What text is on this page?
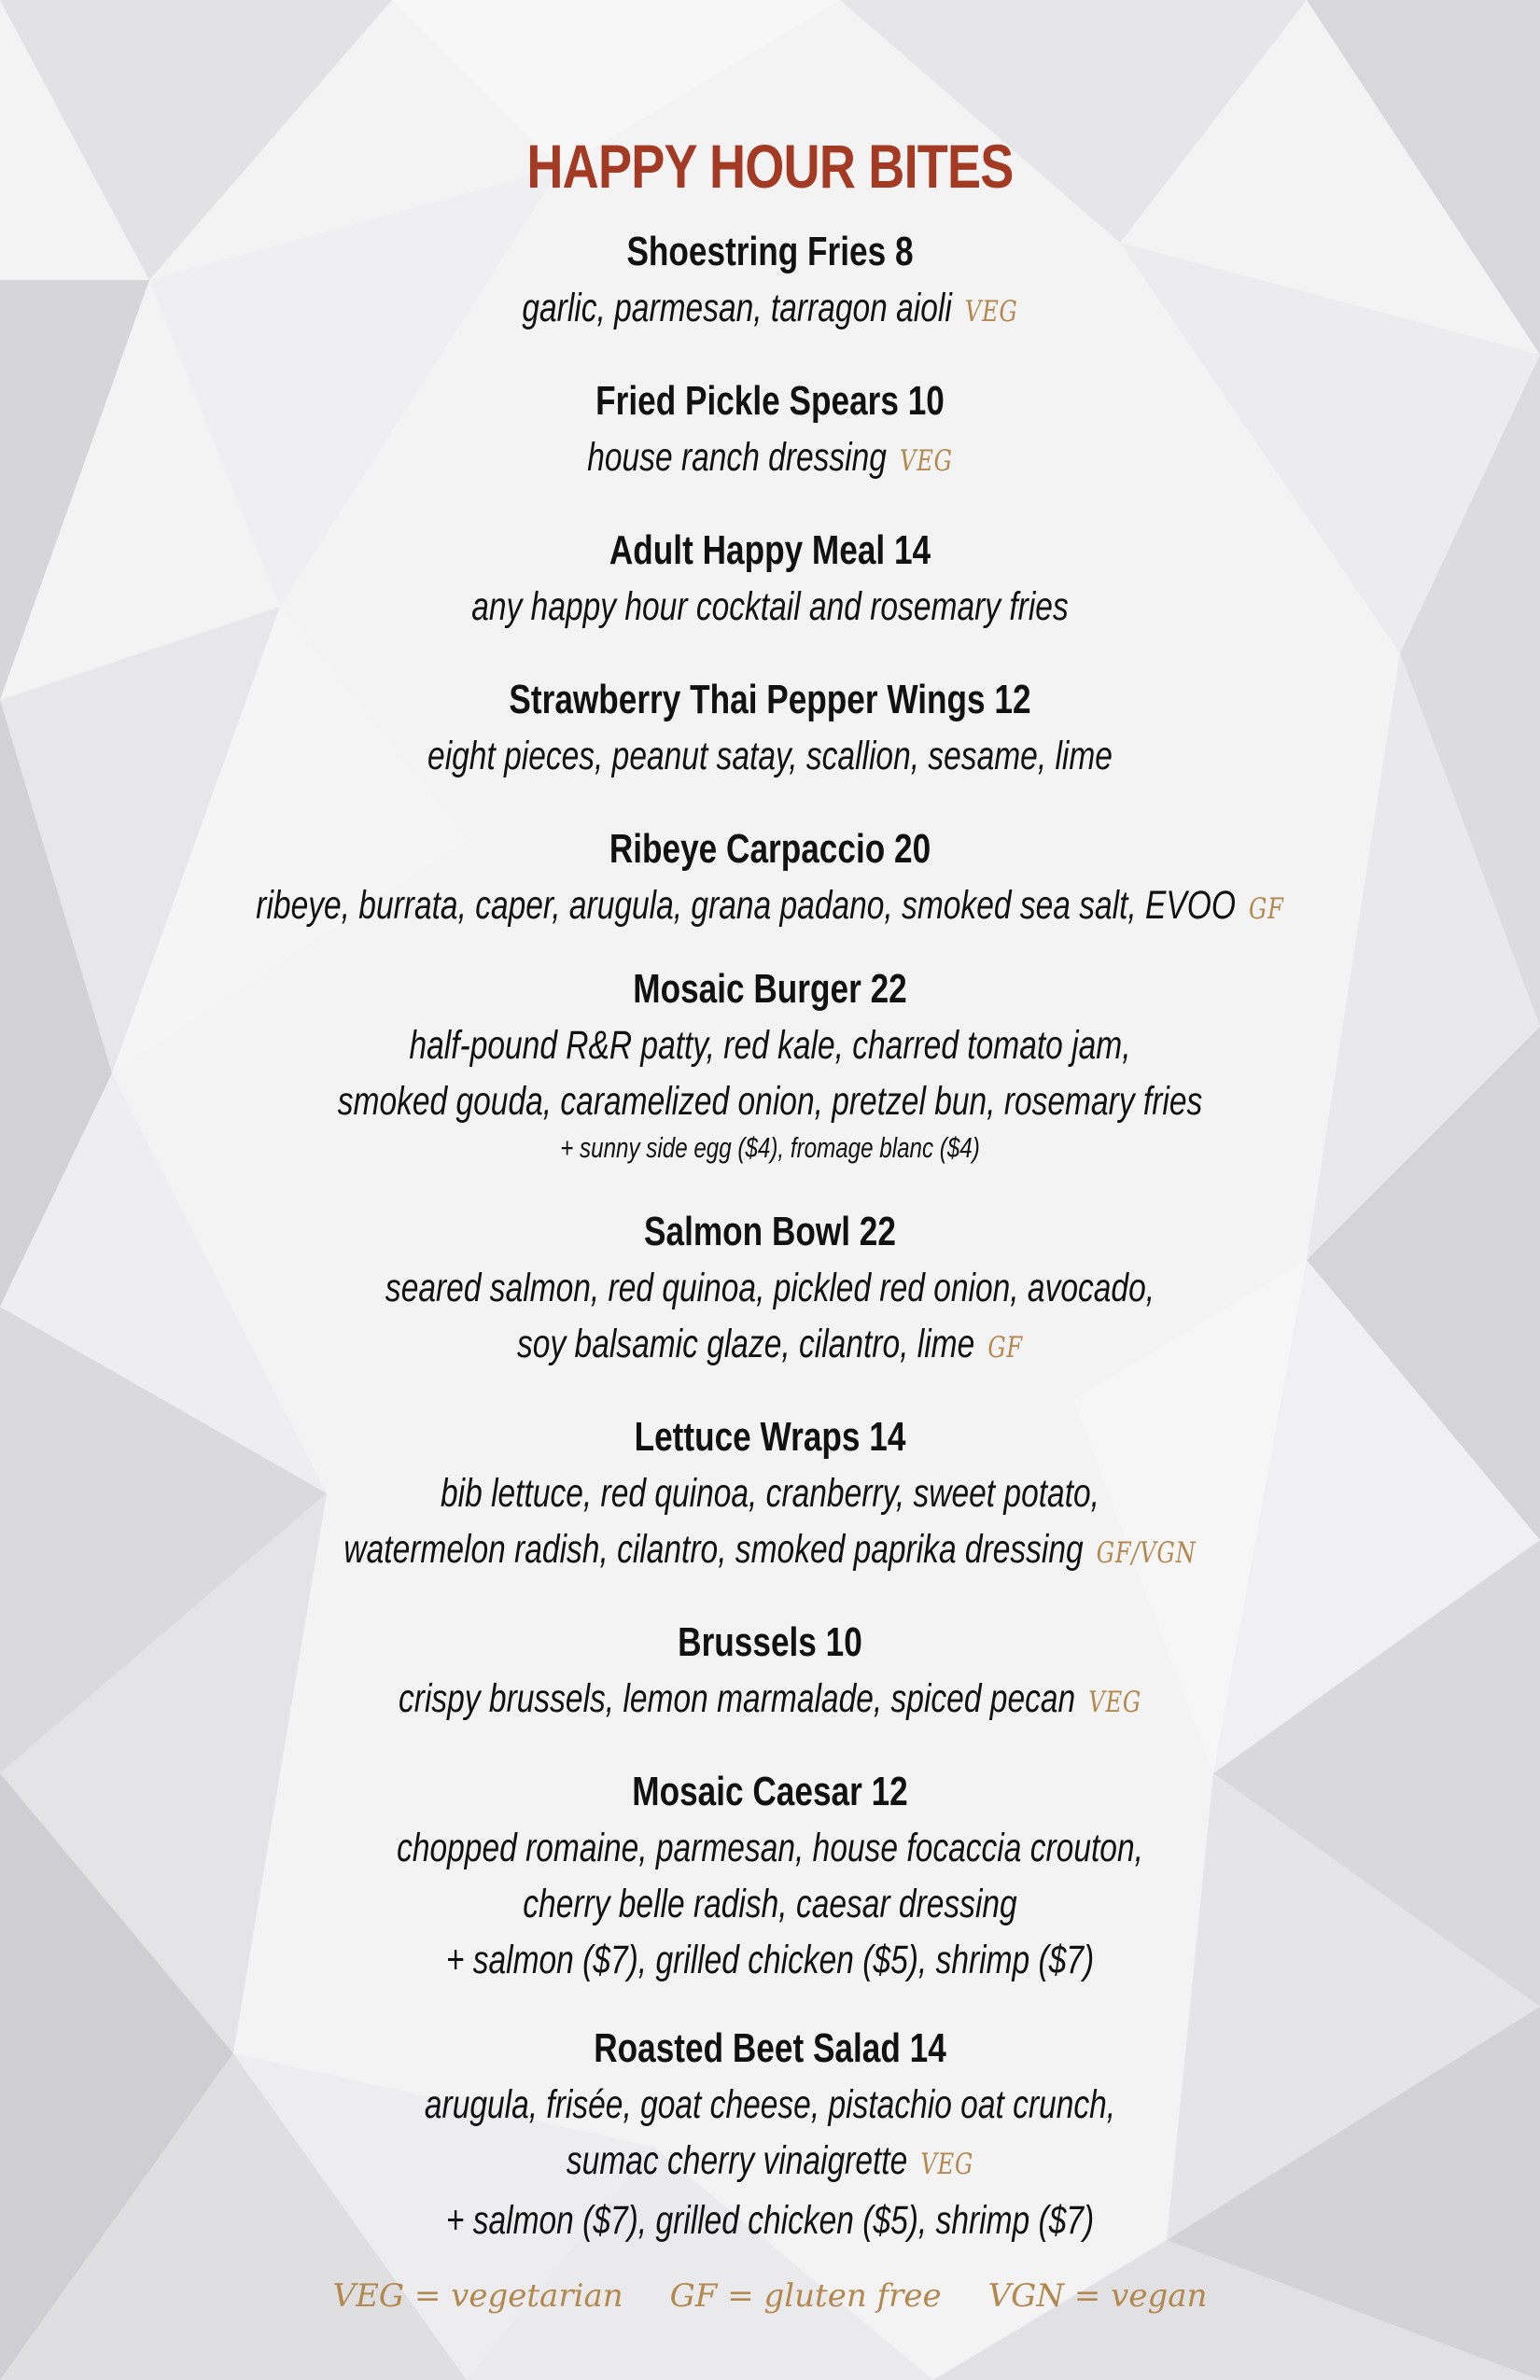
HAPPY HOUR BITES
Shoestring Fries 8
garlic, parmesan, tarragon aioli VEG
Fried Pickle Spears 10
house ranch dressing VEG
Adult Happy Meal 14
any happy hour cocktail and rosemary fries
Strawberry Thai Pepper Wings 12
eight pieces, peanut satay, scallion, sesame, lime
Ribeye Carpaccio 20
ribeye, burrata, caper, arugula, grana padano, smoked sea salt, EVOO GF
Mosaic Burger 22
half-pound R&R patty, red kale, charred tomato jam,
smoked gouda, caramelized onion, pretzel bun, rosemary fries
+ sunny side egg ($4), fromage blanc ($4)
Salmon Bowl 22
seared salmon, red quinoa, pickled red onion, avocado,
soy balsamic glaze, cilantro, lime GF
Lettuce Wraps 14
bib lettuce, red quinoa, cranberry, sweet potato,
watermelon radish, cilantro, smoked paprika dressing GF/VGN
Brussels 10
crispy brussels, lemon marmalade, spiced pecan VEG
Mosaic Caesar 12
chopped romaine, parmesan, house focaccia crouton,
cherry belle radish, caesar dressing
+ salmon ($7), grilled chicken ($5), shrimp ($7)
Roasted Beet Salad 14
arugula, frisée, goat cheese, pistachio oat crunch,
sumac cherry vinaigrette VEG
+ salmon ($7), grilled chicken ($5), shrimp ($7)
VEG = vegetarian GF = gluten free VGN = vegan
